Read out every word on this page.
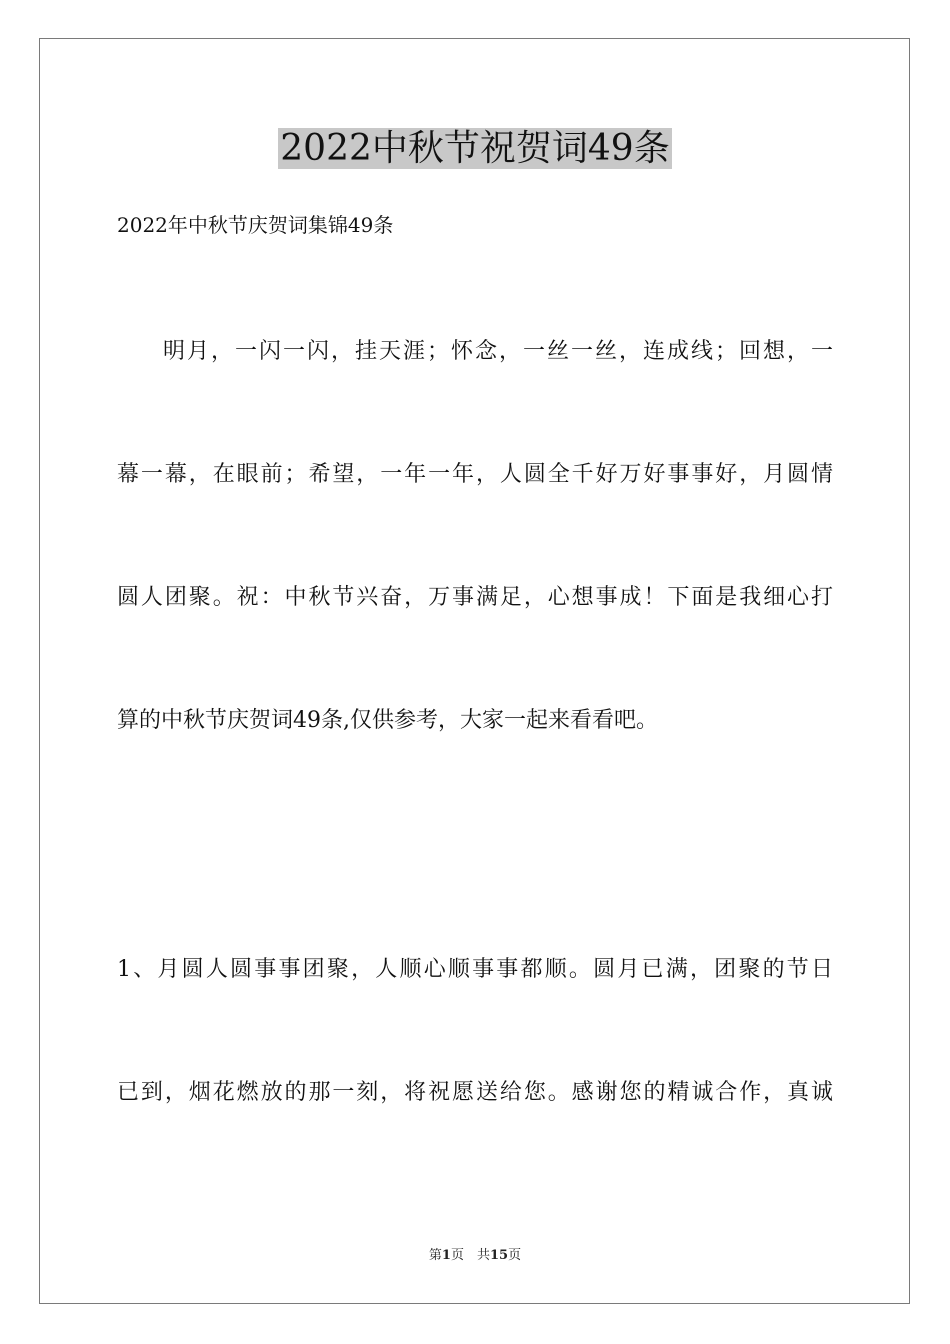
2022中秋节祝贺词49条

2022年中秋节庆贺词集锦49条

明月，一闪一闪，挂天涯；怀念，一丝一丝，连成线；回想，一

幕一幕，在眼前；希望，一年一年，人圆全千好万好事事好，月圆情

圆人团聚。祝：中秋节兴奋，万事满足，心想事成！下面是我细心打

算的中秋节庆贺词49条,仅供参考，大家一起来看看吧。

1、月圆人圆事事团聚，人顺心顺事事都顺。圆月已满，团聚的节日

已到，烟花燃放的那一刻，将祝愿送给您。感谢您的精诚合作，真诚

第1页　共15页
